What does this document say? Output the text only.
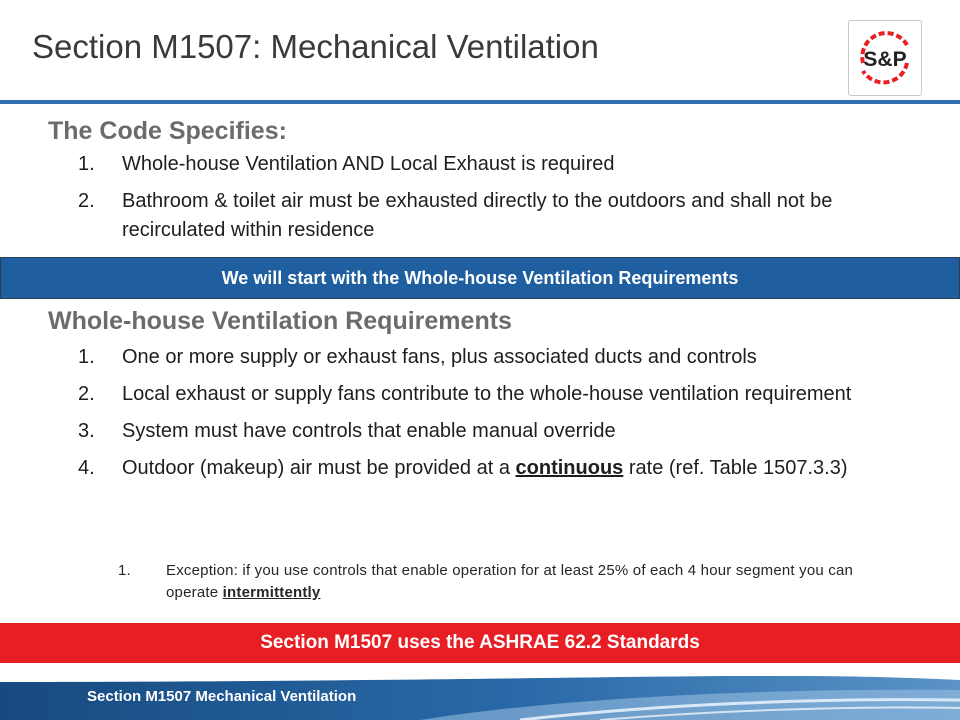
Section M1507: Mechanical Ventilation	S&P
The Code Specifies:
1. Whole-house Ventilation AND Local Exhaust is required
2. Bathroom & toilet air must be exhausted directly to the outdoors and shall not be recirculated within residence
We will start with the Whole-house Ventilation Requirements
Whole-house Ventilation Requirements
1. One or more supply or exhaust fans, plus associated ducts and controls
2. Local exhaust or supply fans contribute to the whole-house ventilation requirement
3. System must have controls that enable manual override
4. Outdoor (makeup) air must be provided at a continuous rate (ref. Table 1507.3.3)
1. Exception: if you use controls that enable operation for at least 25% of each 4 hour segment you can operate intermittently
Section M1507 uses the ASHRAE 62.2 Standards
Section M1507 Mechanical Ventilation
